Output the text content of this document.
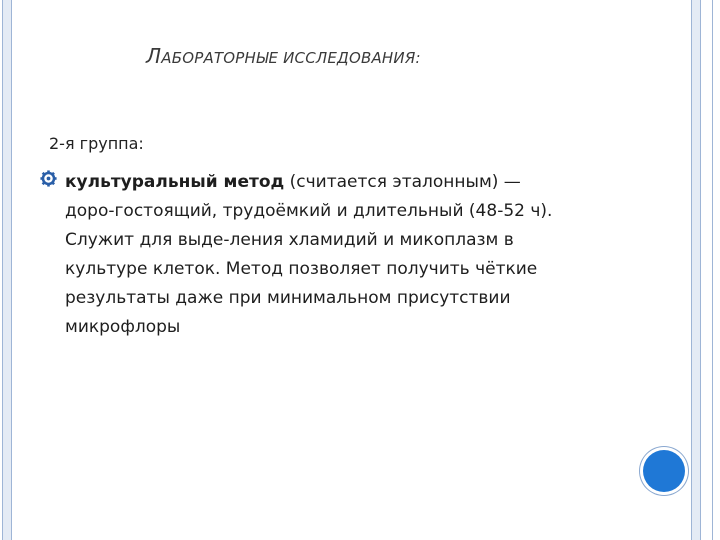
ЛАБОРАТОРНЫЕ ИССЛЕДОВАНИЯ:
2-я группа:
культуральный метод (считается эталонным) —
доро-гостоящий, трудоёмкий и длительный (48-52 ч).
Служит для выде-ления хламидий и микоплазм в
культуре клеток. Метод позволяет получить чёткие
результаты даже при минимальном присутствии
микрофлоры
